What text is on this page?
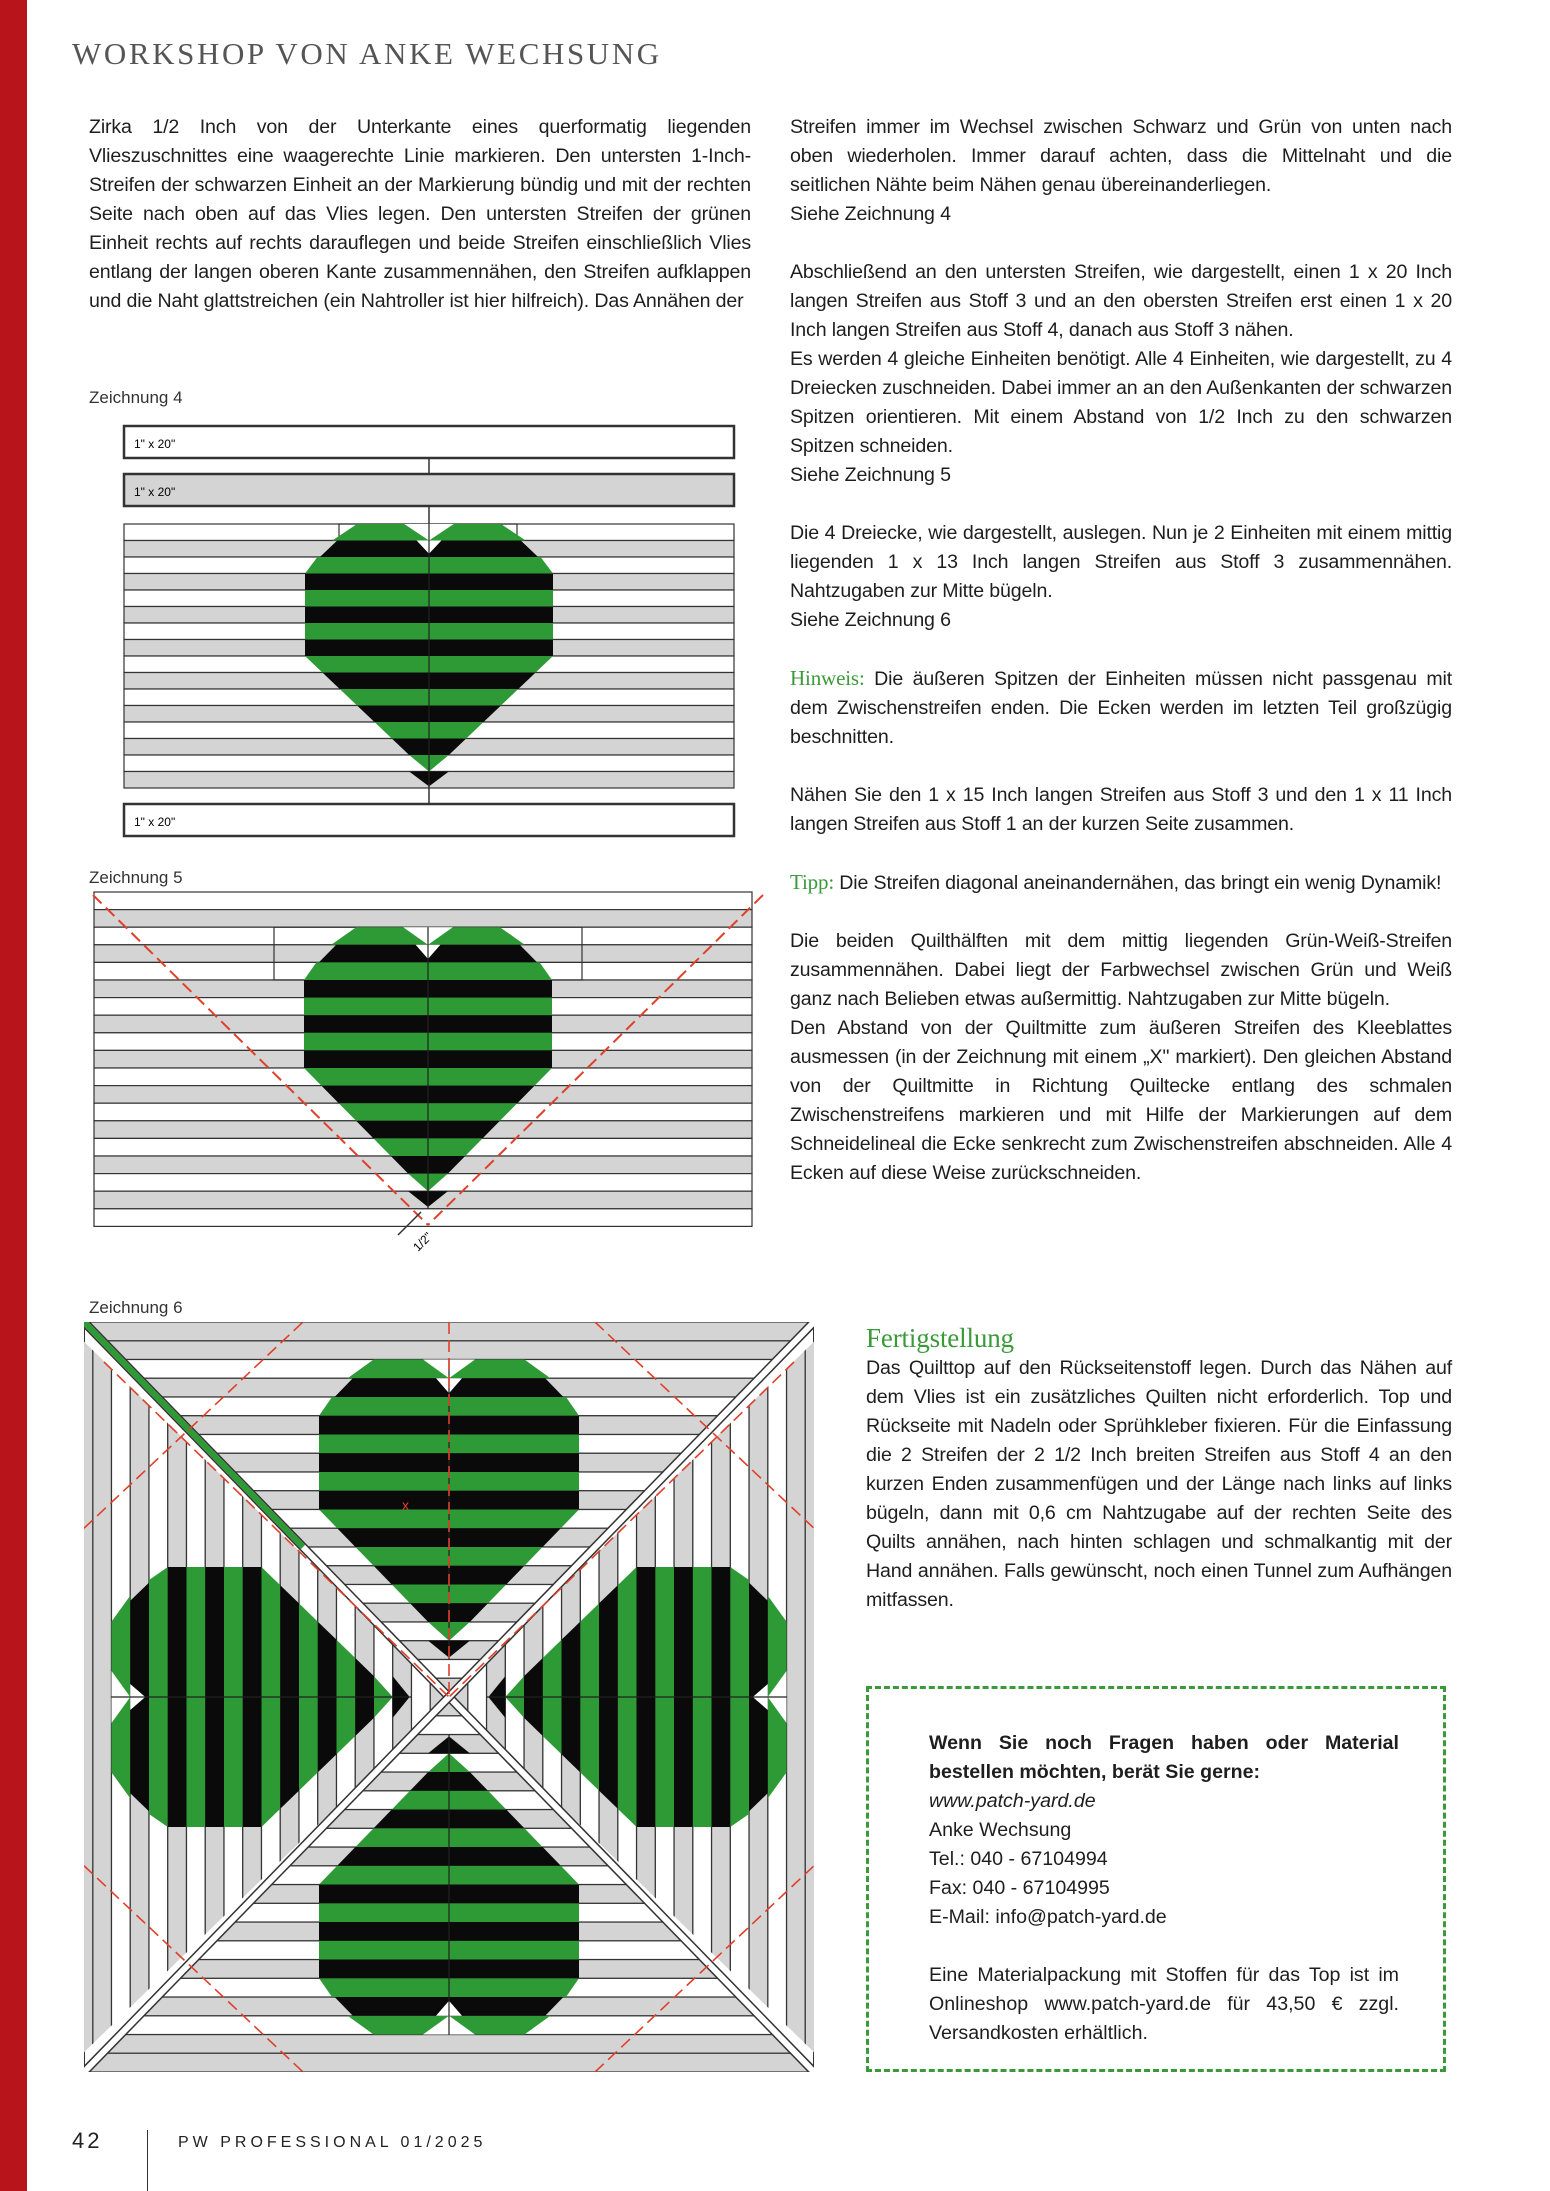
WORKSHOP VON ANKE WECHSUNG
Zirka 1/2 Inch von der Unterkante eines querformatig liegenden Vlieszuschnittes eine waagerechte Linie markieren. Den untersten 1-Inch-Streifen der schwarzen Einheit an der Markierung bündig und mit der rechten Seite nach oben auf das Vlies legen. Den untersten Streifen der grünen Einheit rechts auf rechts darauflegen und beide Streifen einschließlich Vlies entlang der langen oberen Kante zusammennähen, den Streifen aufklappen und die Naht glattstreichen (ein Nahtroller ist hier hilfreich). Das Annähen der
Streifen immer im Wechsel zwischen Schwarz und Grün von unten nach oben wiederholen. Immer darauf achten, dass die Mittelnaht und die seitlichen Nähte beim Nähen genau übereinanderliegen.
Siehe Zeichnung 4
Abschließend an den untersten Streifen, wie dargestellt, einen 1 x 20 Inch langen Streifen aus Stoff 3 und an den obersten Streifen erst einen 1 x 20 Inch langen Streifen aus Stoff 4, danach aus Stoff 3 nähen.
Es werden 4 gleiche Einheiten benötigt. Alle 4 Einheiten, wie dargestellt, zu 4 Dreiecken zuschneiden. Dabei immer an an den Außenkanten der schwarzen Spitzen orientieren. Mit einem Abstand von 1/2 Inch zu den schwarzen Spitzen schneiden.
Siehe Zeichnung 5
Die 4 Dreiecke, wie dargestellt, auslegen. Nun je 2 Einheiten mit einem mittig liegenden 1 x 13 Inch langen Streifen aus Stoff 3 zusammennähen. Nahtzugaben zur Mitte bügeln.
Siehe Zeichnung 6
Hinweis: Die äußeren Spitzen der Einheiten müssen nicht passgenau mit dem Zwischenstreifen enden. Die Ecken werden im letzten Teil großzügig beschnitten.
Nähen Sie den 1 x 15 Inch langen Streifen aus Stoff 3 und den 1 x 11 Inch langen Streifen aus Stoff 1 an der kurzen Seite zusammen.
Tipp: Die Streifen diagonal aneinandernähen, das bringt ein wenig Dynamik!
Die beiden Quilthälften mit dem mittig liegenden Grün-Weiß-Streifen zusammennähen. Dabei liegt der Farbwechsel zwischen Grün und Weiß ganz nach Belieben etwas außermittig. Nahtzugaben zur Mitte bügeln.
Den Abstand von der Quiltmitte zum äußeren Streifen des Kleeblattes ausmessen (in der Zeichnung mit einem „X" markiert). Den gleichen Abstand von der Quiltmitte in Richtung Quiltecke entlang des schmalen Zwischenstreifens markieren und mit Hilfe der Markierungen auf dem Schneidelineal die Ecke senkrecht zum Zwischenstreifen abschneiden. Alle 4 Ecken auf diese Weise zurückschneiden.
Zeichnung 4
1" x 20"
1" x 20"
1" x 20"
Zeichnung 5
1/2"
Zeichnung 6
x
Fertigstellung
Das Quilttop auf den Rückseitenstoff legen. Durch das Nähen auf dem Vlies ist ein zusätzliches Quilten nicht erforderlich. Top und Rückseite mit Nadeln oder Sprühkleber fixieren. Für die Einfassung die 2 Streifen der 2 1/2 Inch breiten Streifen aus Stoff 4 an den kurzen Enden zusammenfügen und der Länge nach links auf links bügeln, dann mit 0,6 cm Nahtzugabe auf der rechten Seite des Quilts annähen, nach hinten schlagen und schmalkantig mit der Hand annähen. Falls gewünscht, noch einen Tunnel zum Aufhängen mitfassen.
Wenn Sie noch Fragen haben oder Material bestellen möchten, berät Sie gerne:
www.patch-yard.de
Anke Wechsung
Tel.: 040 - 67104994
Fax: 040 - 67104995
E-Mail: info@patch-yard.de
Eine Materialpackung mit Stoffen für das Top ist im Onlineshop www.patch-yard.de für 43,50 € zzgl. Versandkosten erhältlich.
42	PW PROFESSIONAL 01/2025
